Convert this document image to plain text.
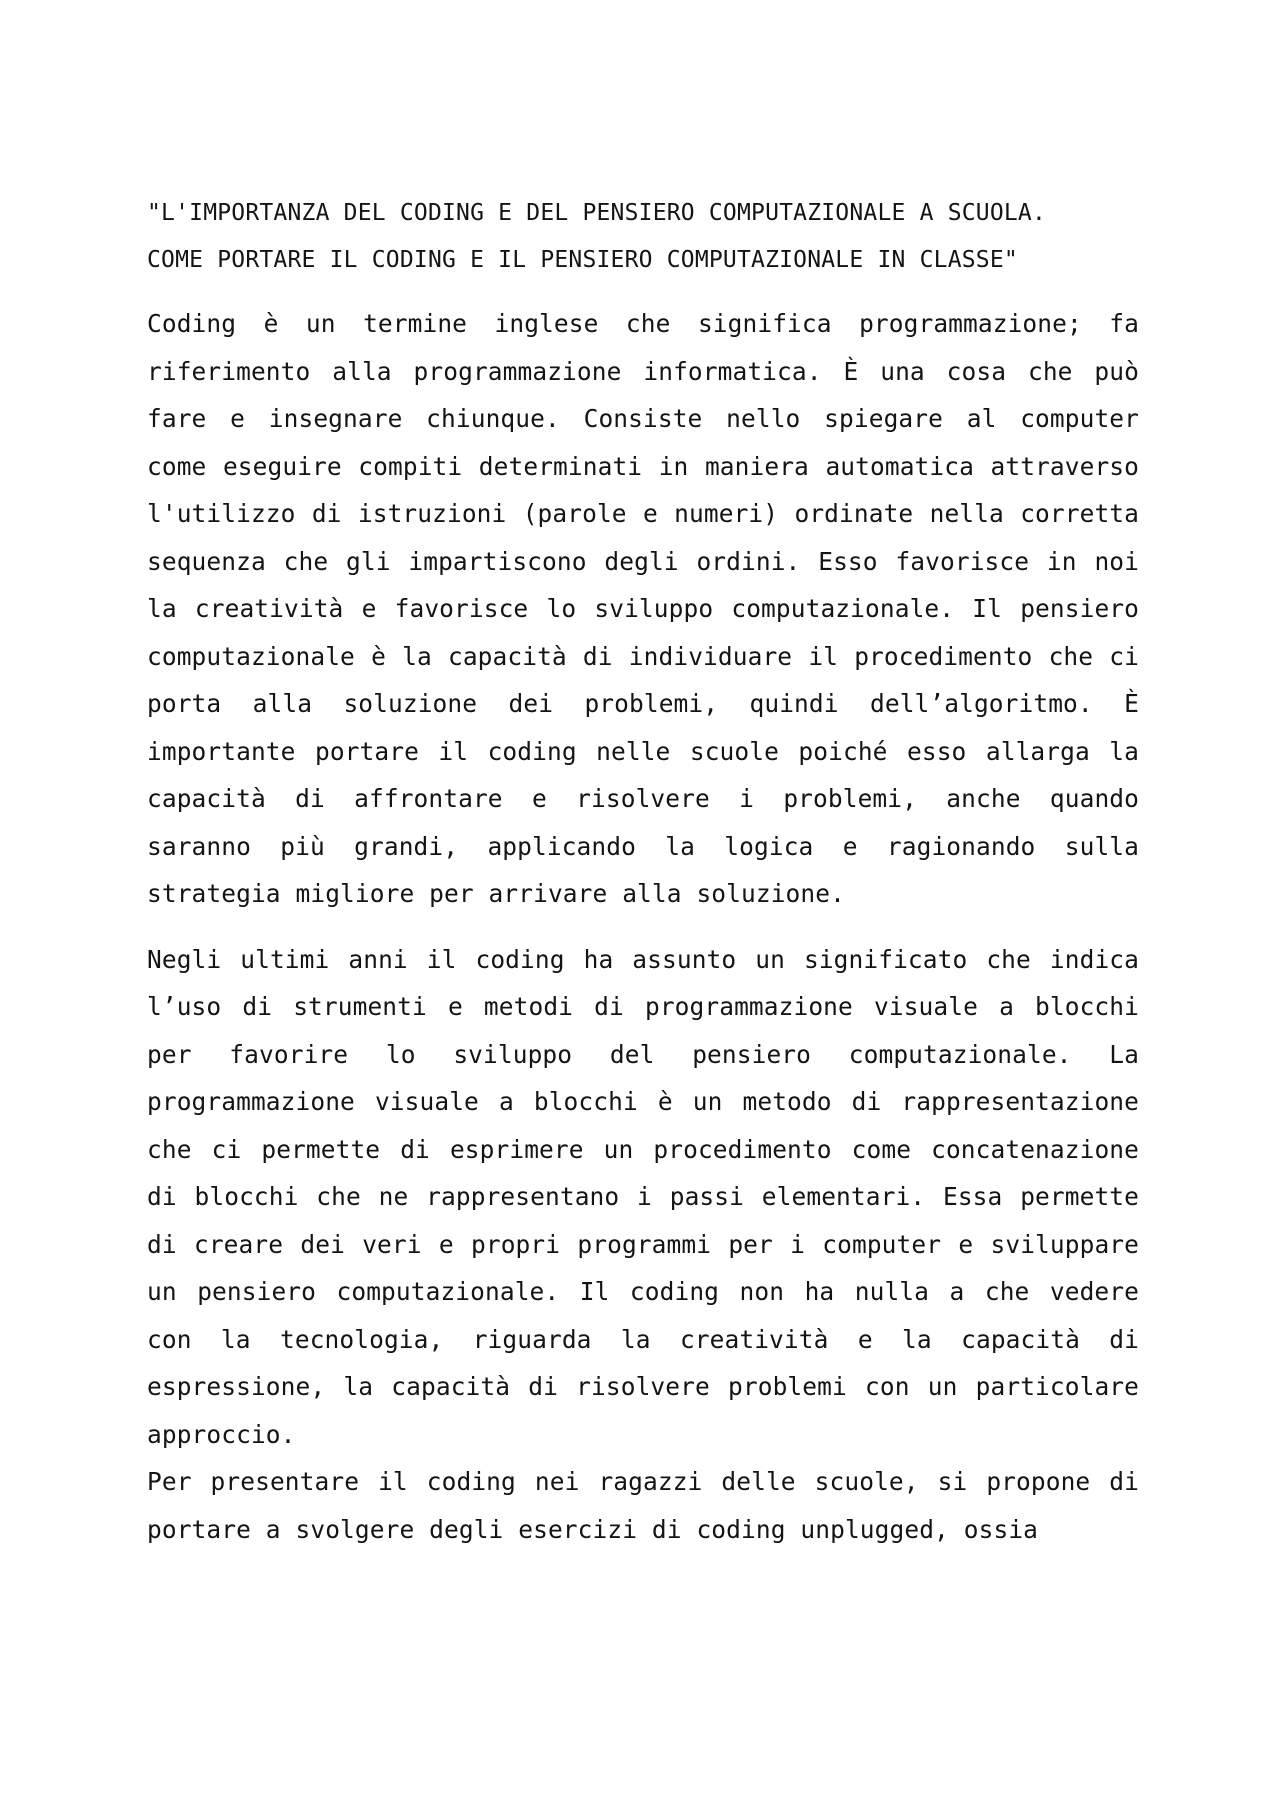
"L'IMPORTANZA DEL CODING E DEL PENSIERO COMPUTAZIONALE A SCUOLA.
COME PORTARE IL CODING E IL PENSIERO COMPUTAZIONALE IN CLASSE"

Coding è un termine inglese che significa programmazione; fa riferimento alla programmazione informatica. È una cosa che può fare e insegnare chiunque. Consiste nello spiegare al computer come eseguire compiti determinati in maniera automatica attraverso l'utilizzo di istruzioni (parole e numeri) ordinate nella corretta sequenza che gli impartiscono degli ordini. Esso favorisce in noi la creatività e favorisce lo sviluppo computazionale. Il pensiero computazionale è la capacità di individuare il procedimento che ci porta alla soluzione dei problemi, quindi dell’algoritmo. È importante portare il coding nelle scuole poiché esso allarga la capacità di affrontare e risolvere i problemi, anche quando saranno più grandi, applicando la logica e ragionando sulla strategia migliore per arrivare alla soluzione.

Negli ultimi anni il coding ha assunto un significato che indica l’uso di strumenti e metodi di programmazione visuale a blocchi per favorire lo sviluppo del pensiero computazionale. La programmazione visuale a blocchi è un metodo di rappresentazione che ci permette di esprimere un procedimento come concatenazione di blocchi che ne rappresentano i passi elementari. Essa permette di creare dei veri e propri programmi per i computer e sviluppare un pensiero computazionale. Il coding non ha nulla a che vedere con la tecnologia, riguarda la creatività e la capacità di espressione, la capacità di risolvere problemi con un particolare approccio.

Per presentare il coding nei ragazzi delle scuole, si propone di portare a svolgere degli esercizi di coding unplugged, ossia
